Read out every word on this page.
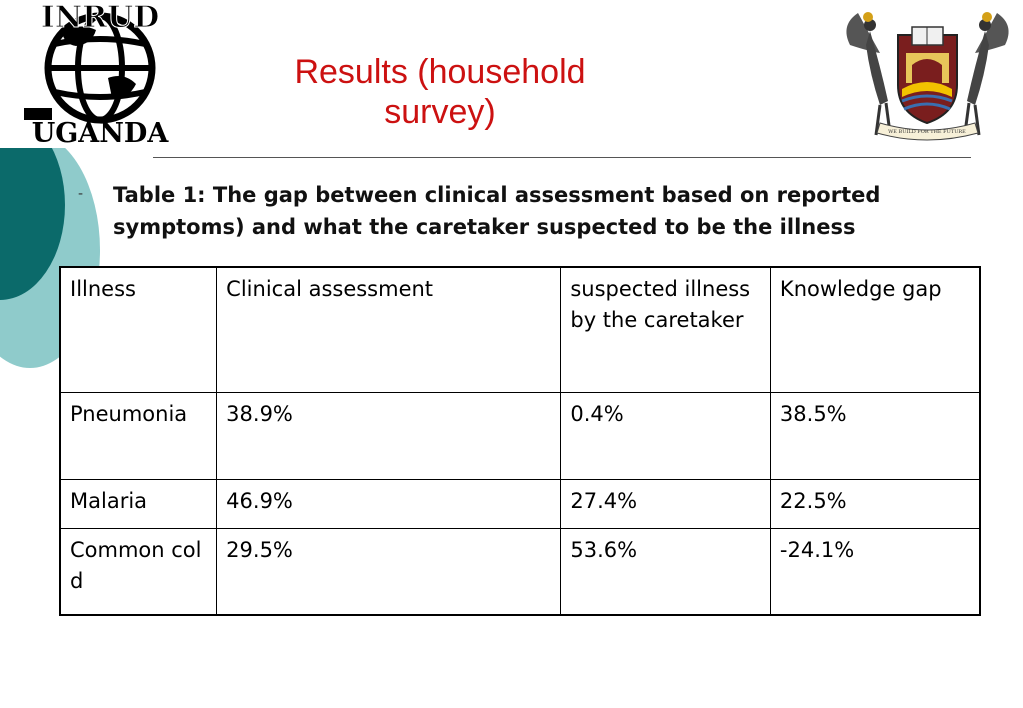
INRUD
UGANDA	WE BUILD FOR THE FUTURE
Results (household
survey)
- Table 1: The gap between clinical assessment based on reported symptoms) and what the caretaker suspected to be the illness
Illness	Clinical assessment	suspected illness by the caretaker	Knowledge gap
Pneumonia	38.9%	0.4%	38.5%
Malaria	46.9%	27.4%	22.5%
Common cold	29.5%	53.6%	-24.1%
